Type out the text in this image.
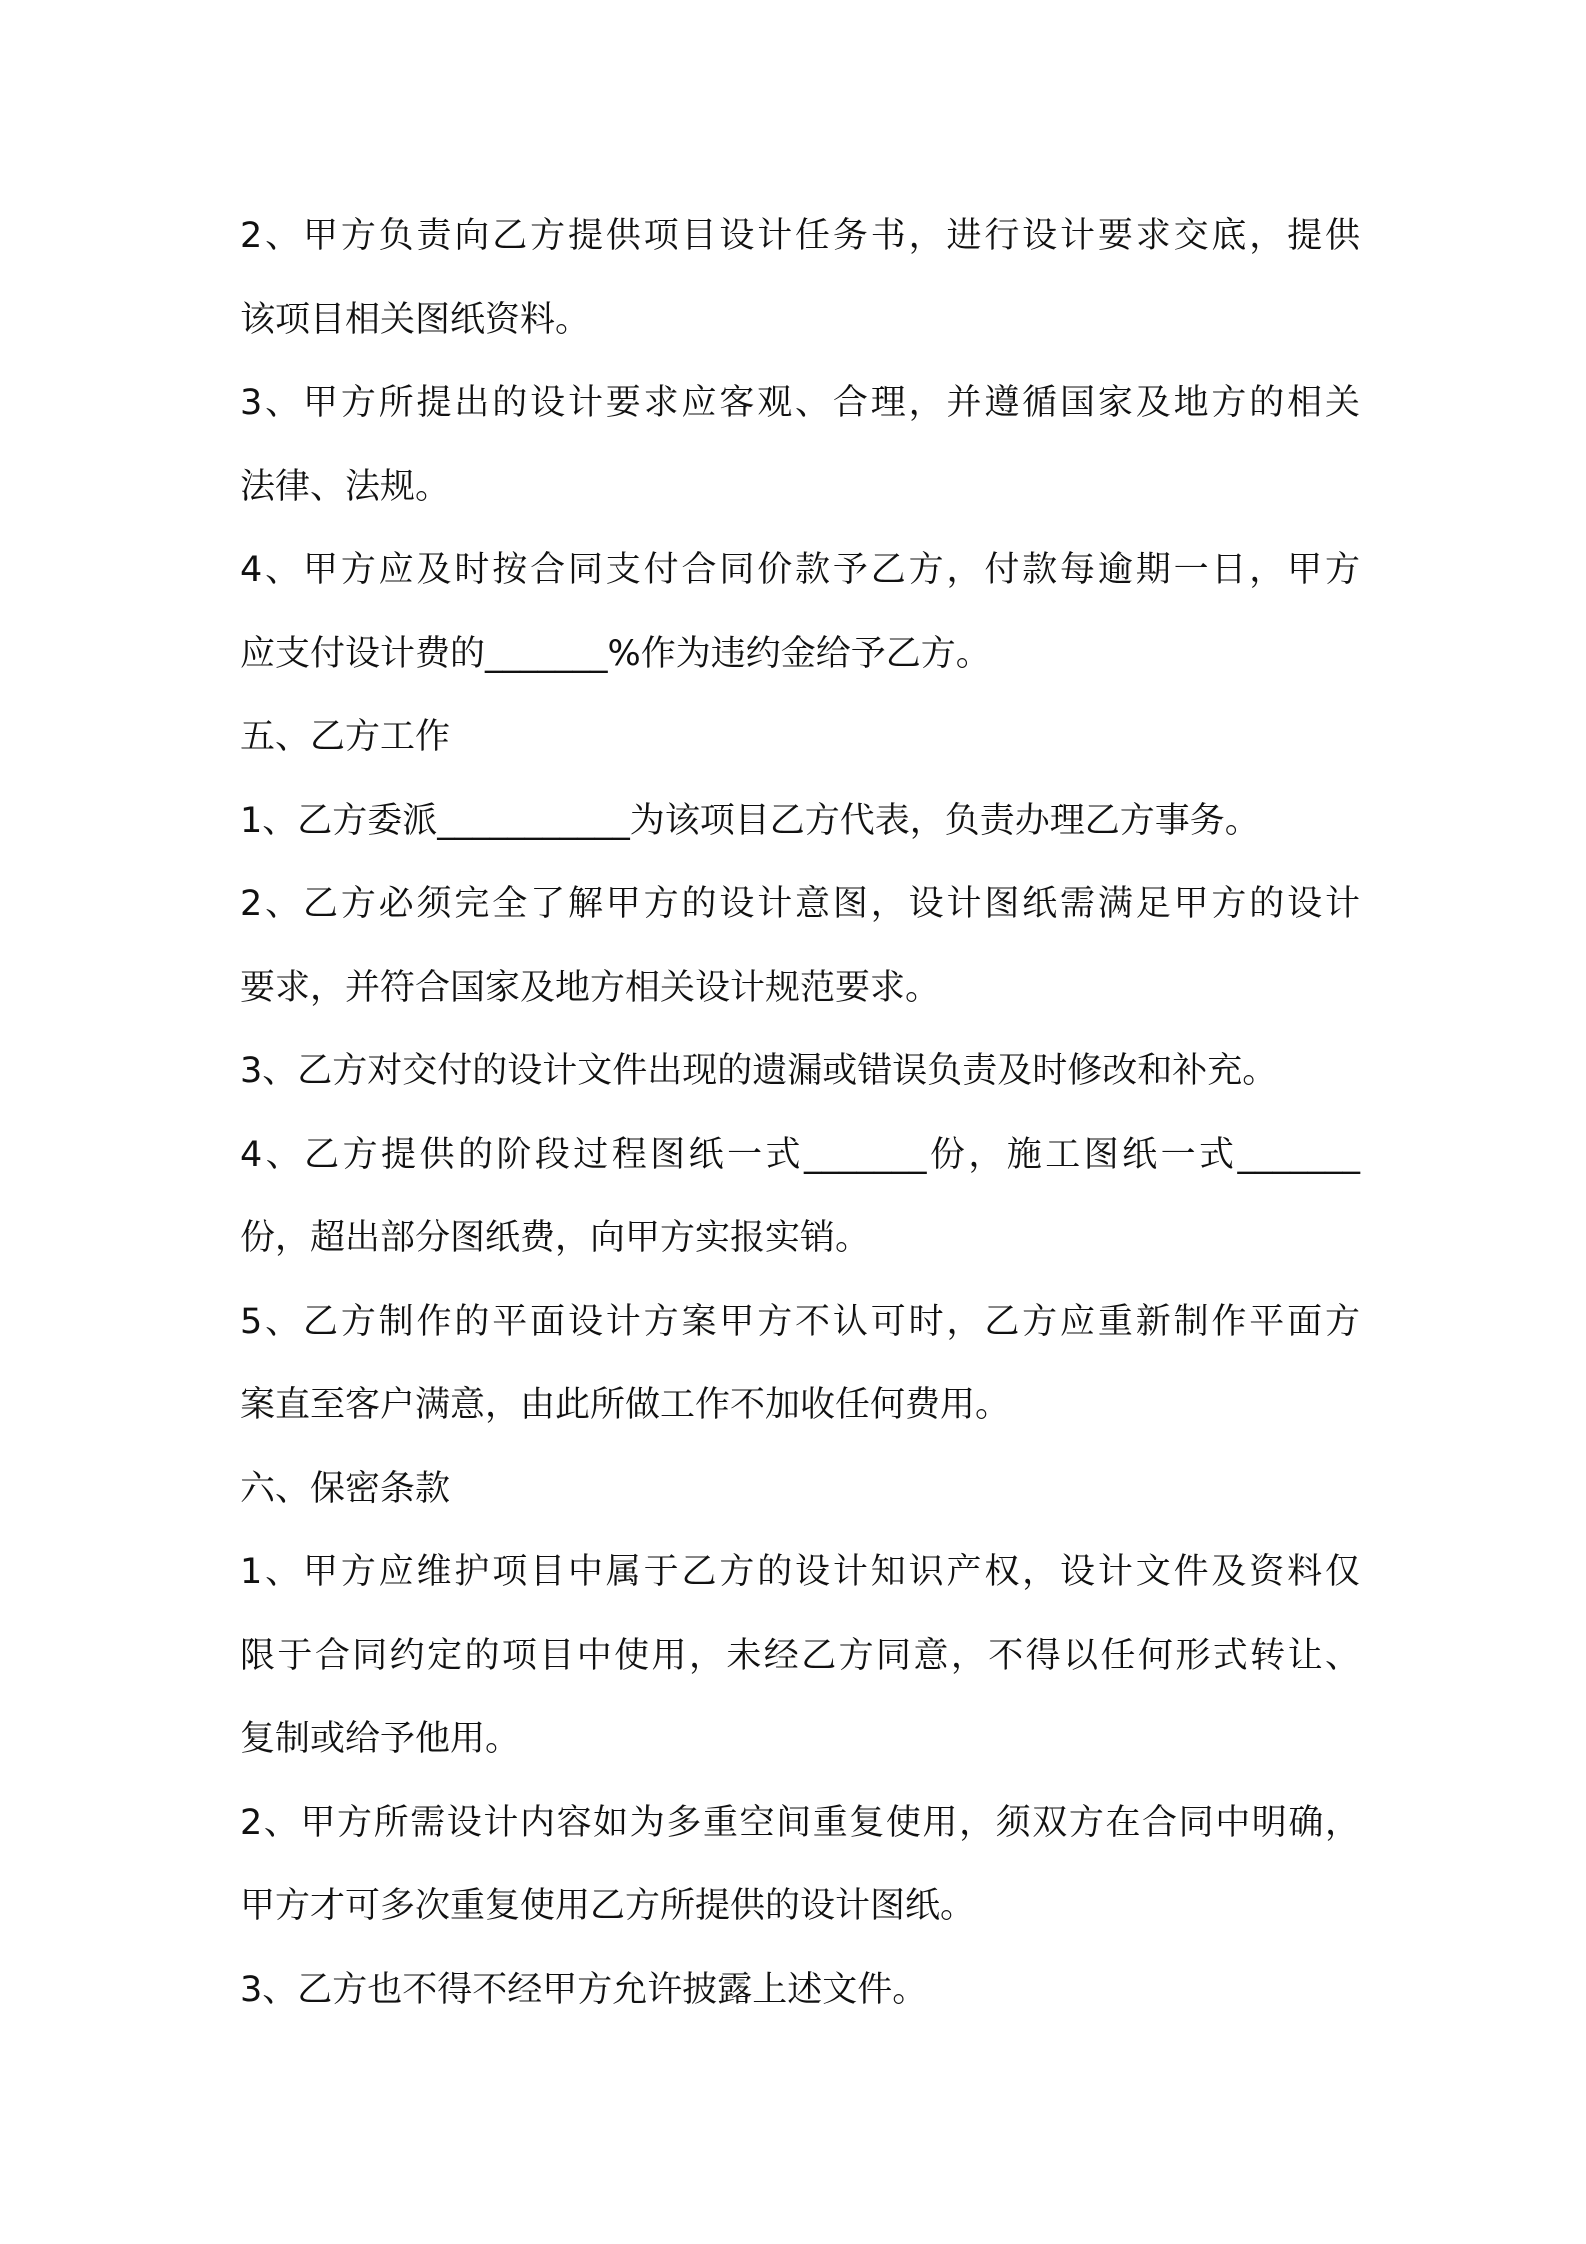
2、甲方负责向乙方提供项目设计任务书，进行设计要求交底，提供
该项目相关图纸资料。
3、甲方所提出的设计要求应客观、合理，并遵循国家及地方的相关
法律、法规。
4、甲方应及时按合同支付合同价款予乙方，付款每逾期一日，甲方
应支付设计费的_______%作为违约金给予乙方。
五、乙方工作
1、乙方委派___________为该项目乙方代表，负责办理乙方事务。
2、乙方必须完全了解甲方的设计意图，设计图纸需满足甲方的设计
要求，并符合国家及地方相关设计规范要求。
3、乙方对交付的设计文件出现的遗漏或错误负责及时修改和补充。
4、乙方提供的阶段过程图纸一式_______份，施工图纸一式_______
份，超出部分图纸费，向甲方实报实销。
5、乙方制作的平面设计方案甲方不认可时，乙方应重新制作平面方
案直至客户满意，由此所做工作不加收任何费用。
六、保密条款
1、甲方应维护项目中属于乙方的设计知识产权，设计文件及资料仅
限于合同约定的项目中使用，未经乙方同意，不得以任何形式转让、
复制或给予他用。
2、甲方所需设计内容如为多重空间重复使用，须双方在合同中明确，
甲方才可多次重复使用乙方所提供的设计图纸。
3、乙方也不得不经甲方允许披露上述文件。
